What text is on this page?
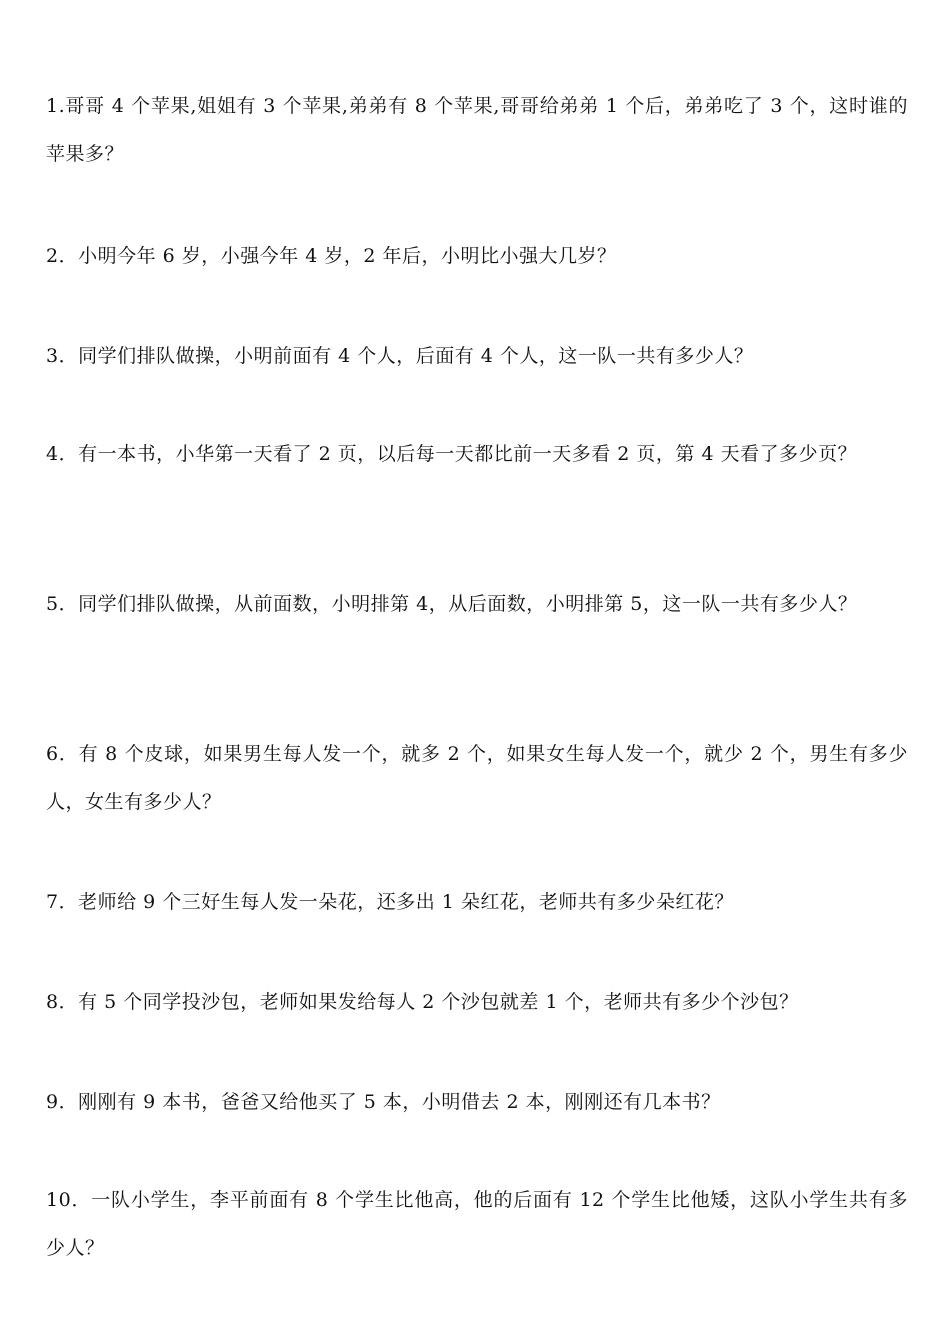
1.哥哥 4 个苹果,姐姐有 3 个苹果,弟弟有 8 个苹果,哥哥给弟弟 1 个后，弟弟吃了 3 个，这时谁的苹果多？

2．小明今年 6 岁，小强今年 4 岁，2 年后，小明比小强大几岁？

3．同学们排队做操，小明前面有 4 个人，后面有 4 个人，这一队一共有多少人？

4．有一本书，小华第一天看了 2 页，以后每一天都比前一天多看 2 页，第 4 天看了多少页？

5．同学们排队做操，从前面数，小明排第 4，从后面数，小明排第 5，这一队一共有多少人？

6．有 8 个皮球，如果男生每人发一个，就多 2 个，如果女生每人发一个，就少 2 个，男生有多少人，女生有多少人？

7．老师给 9 个三好生每人发一朵花，还多出 1 朵红花，老师共有多少朵红花？

8．有 5 个同学投沙包，老师如果发给每人 2 个沙包就差 1 个，老师共有多少个沙包？

9．刚刚有 9 本书，爸爸又给他买了 5 本，小明借去 2 本，刚刚还有几本书？

10．一队小学生，李平前面有 8 个学生比他高，他的后面有 12 个学生比他矮，这队小学生共有多少人？
